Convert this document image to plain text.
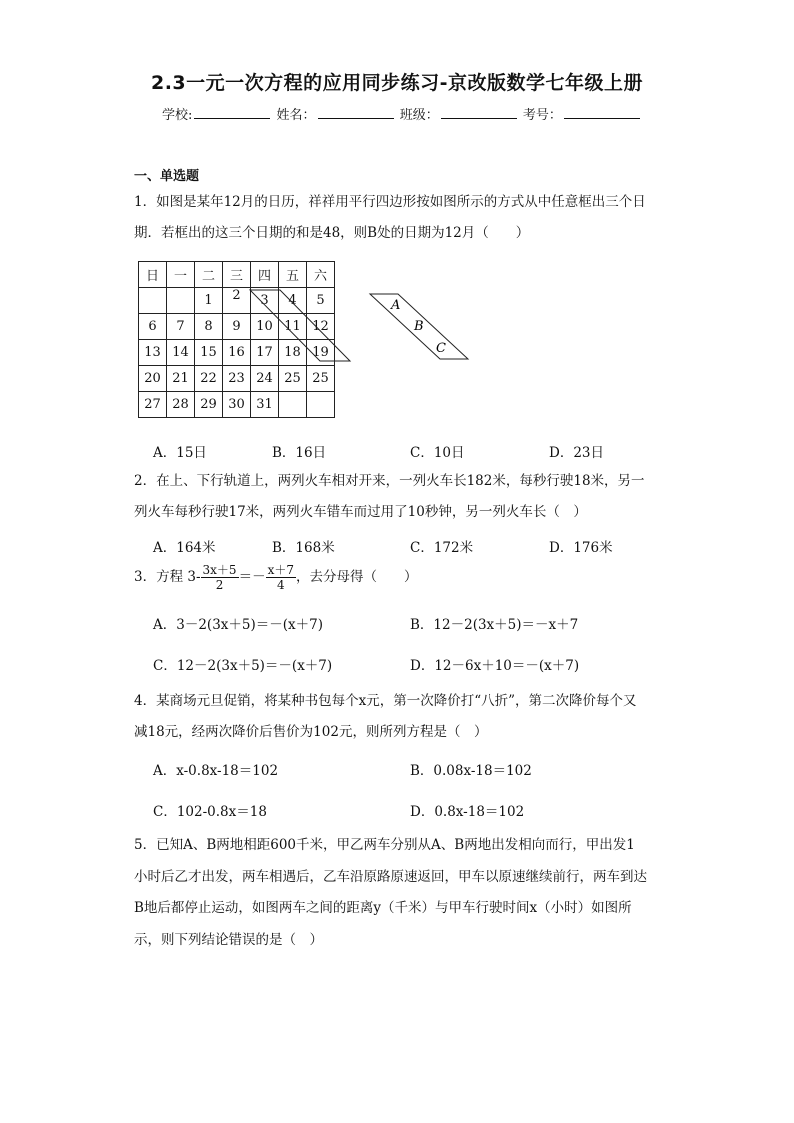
2.3一元一次方程的应用同步练习-京改版数学七年级上册
学校:	姓名：	班级：	考号：
一、单选题
1．如图是某年12月的日历，祥祥用平行四边形按如图所示的方式从中任意框出三个日
期．若框出的这三个日期的和是48，则B处的日期为12月（　　）
日	一	二	三	四	五	六
		1	2	3	4	5
6	7	8	9	10	11	12
13	14	15	16	17	18	19
20	21	22	23	24	25	25
27	28	29	30	31		
A
B
C
A．15日	B．16日	C．10日	D．23日
2．在上、下行轨道上，两列火车相对开来，一列火车长182米，每秒行驶18米，另一
列火车每秒行驶17米，两列火车错车而过用了10秒钟，另一列火车长（　）
A．164米	B．168米	C．172米	D．176米
3．方程 $3- \frac{3x+5}{2} =- \frac{x+7}{4}$ ，去分母得（　　）
A．3－2(3x＋5)＝－(x＋7)	B．12－2(3x＋5)＝－x＋7
C．12－2(3x＋5)＝－(x＋7)	D．12－6x＋10＝－(x＋7)
4．某商场元旦促销，将某种书包每个x元，第一次降价打“八折”，第二次降价每个又
减18元，经两次降价后售价为102元，则所列方程是（　）
A．x-0.8x-18＝102	B．0.08x-18＝102
C．102-0.8x＝18	D．0.8x-18＝102
5．已知A、B两地相距600千米，甲乙两车分别从A、B两地出发相向而行，甲出发1
小时后乙才出发，两车相遇后，乙车沿原路原速返回，甲车以原速继续前行，两车到达
B地后都停止运动，如图两车之间的距离y（千米）与甲车行驶时间x（小时）如图所
示，则下列结论错误的是（　）
